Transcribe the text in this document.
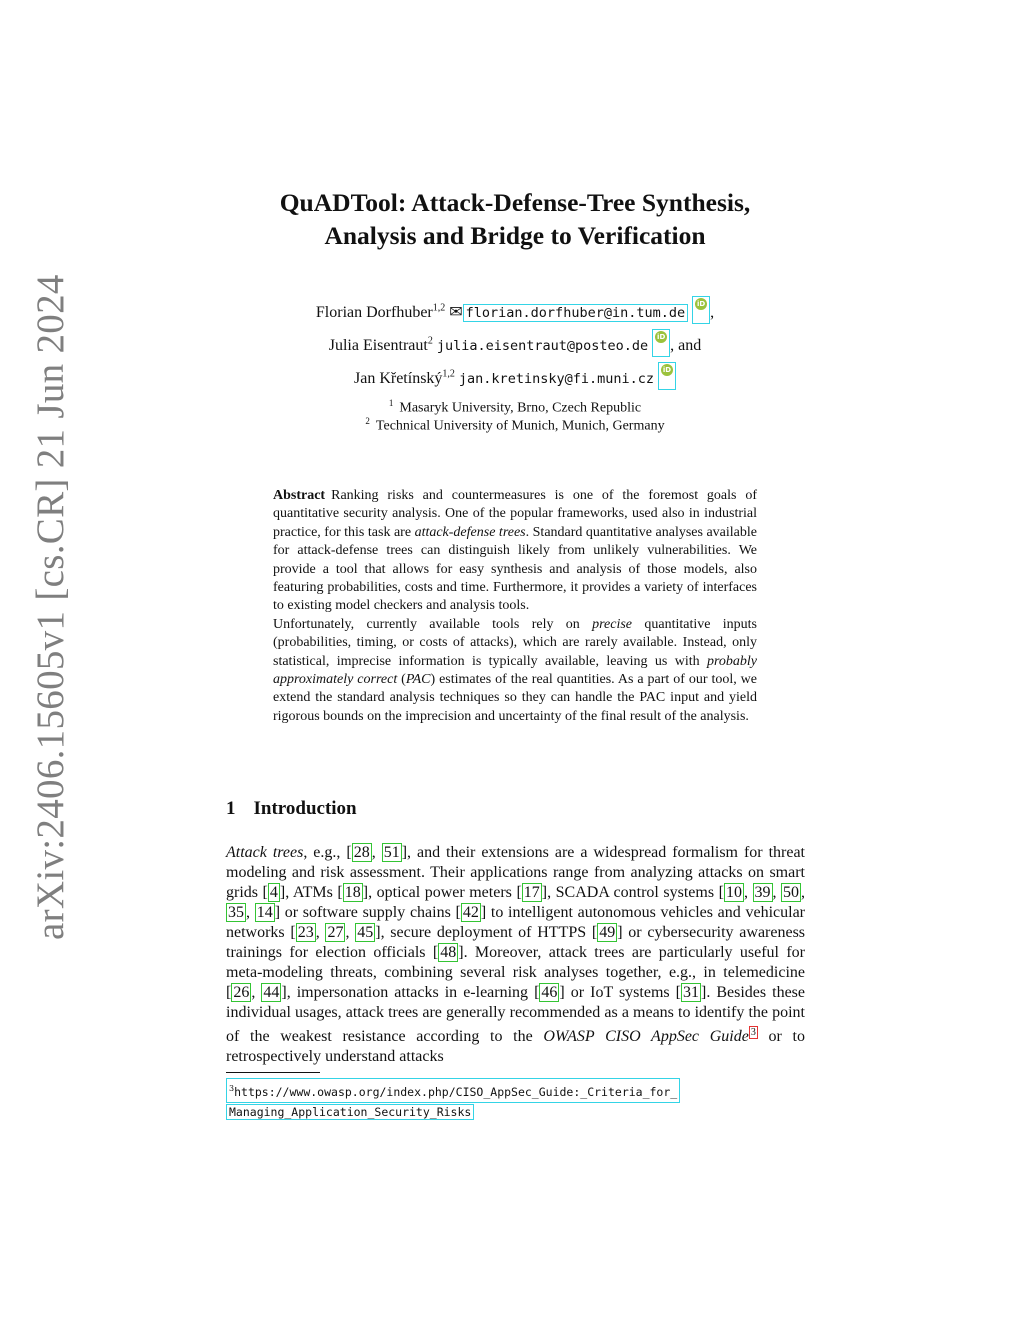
arXiv:2406.15605v1 [cs.CR] 21 Jun 2024
QuADTool: Attack-Defense-Tree Synthesis,
Analysis and Bridge to Verification
Florian Dorfhuber$^{1,2}$ ✉ florian.dorfhuber@in.tum.de iD ,
Julia Eisentraut$^2$ julia.eisentraut@posteo.de iD , and
Jan Křetínský$^{1,2}$ jan.kretinsky@fi.muni.cz iD
$^1$ Masaryk University, Brno, Czech Republic
$^2$ Technical University of Munich, Munich, Germany

Abstract Ranking risks and countermeasures is one of the foremost goals of quantitative security analysis. One of the popular frameworks, used also in industrial practice, for this task are attack-defense trees. Standard quantitative analyses available for attack-defense trees can distinguish likely from unlikely vulnerabilities. We provide a tool that allows for easy synthesis and analysis of those models, also featuring probabilities, costs and time. Furthermore, it provides a variety of interfaces to existing model checkers and analysis tools.

Unfortunately, currently available tools rely on precise quantitative inputs (probabilities, timing, or costs of attacks), which are rarely available. Instead, only statistical, imprecise information is typically available, leaving us with probably approximately correct (PAC) estimates of the real quantities. As a part of our tool, we extend the standard analysis techniques so they can handle the PAC input and yield rigorous bounds on the imprecision and uncertainty of the final result of the analysis.

1 Introduction

Attack trees, e.g., [ 28 , 51 ], and their extensions are a widespread formalism for threat modeling and risk assessment. Their applications range from analyzing attacks on smart grids [ 4 ], ATMs [ 18 ], optical power meters [ 17 ], SCADA control systems [ 10 , 39 , 50 , 35 , 14 ] or software supply chains [ 42 ] to intelligent autonomous vehicles and vehicular networks [ 23 , 27 , 45 ], secure deployment of HTTPS [ 49 ] or cybersecurity awareness trainings for election officials [ 48 ]. Moreover, attack trees are particularly useful for meta-modeling threats, combining several risk analyses together, e.g., in telemedicine [ 26 , 44 ], impersonation attacks in e-learning [ 46 ] or IoT systems [ 31 ]. Besides these individual usages, attack trees are generally recommended as a means to identify the point of the weakest resistance according to the OWASP CISO AppSec Guide $^3$ or to retrospectively understand attacks

$^3$https://www.owasp.org/index.php/CISO_AppSec_Guide:_Criteria_for_
Managing_Application_Security_Risks
